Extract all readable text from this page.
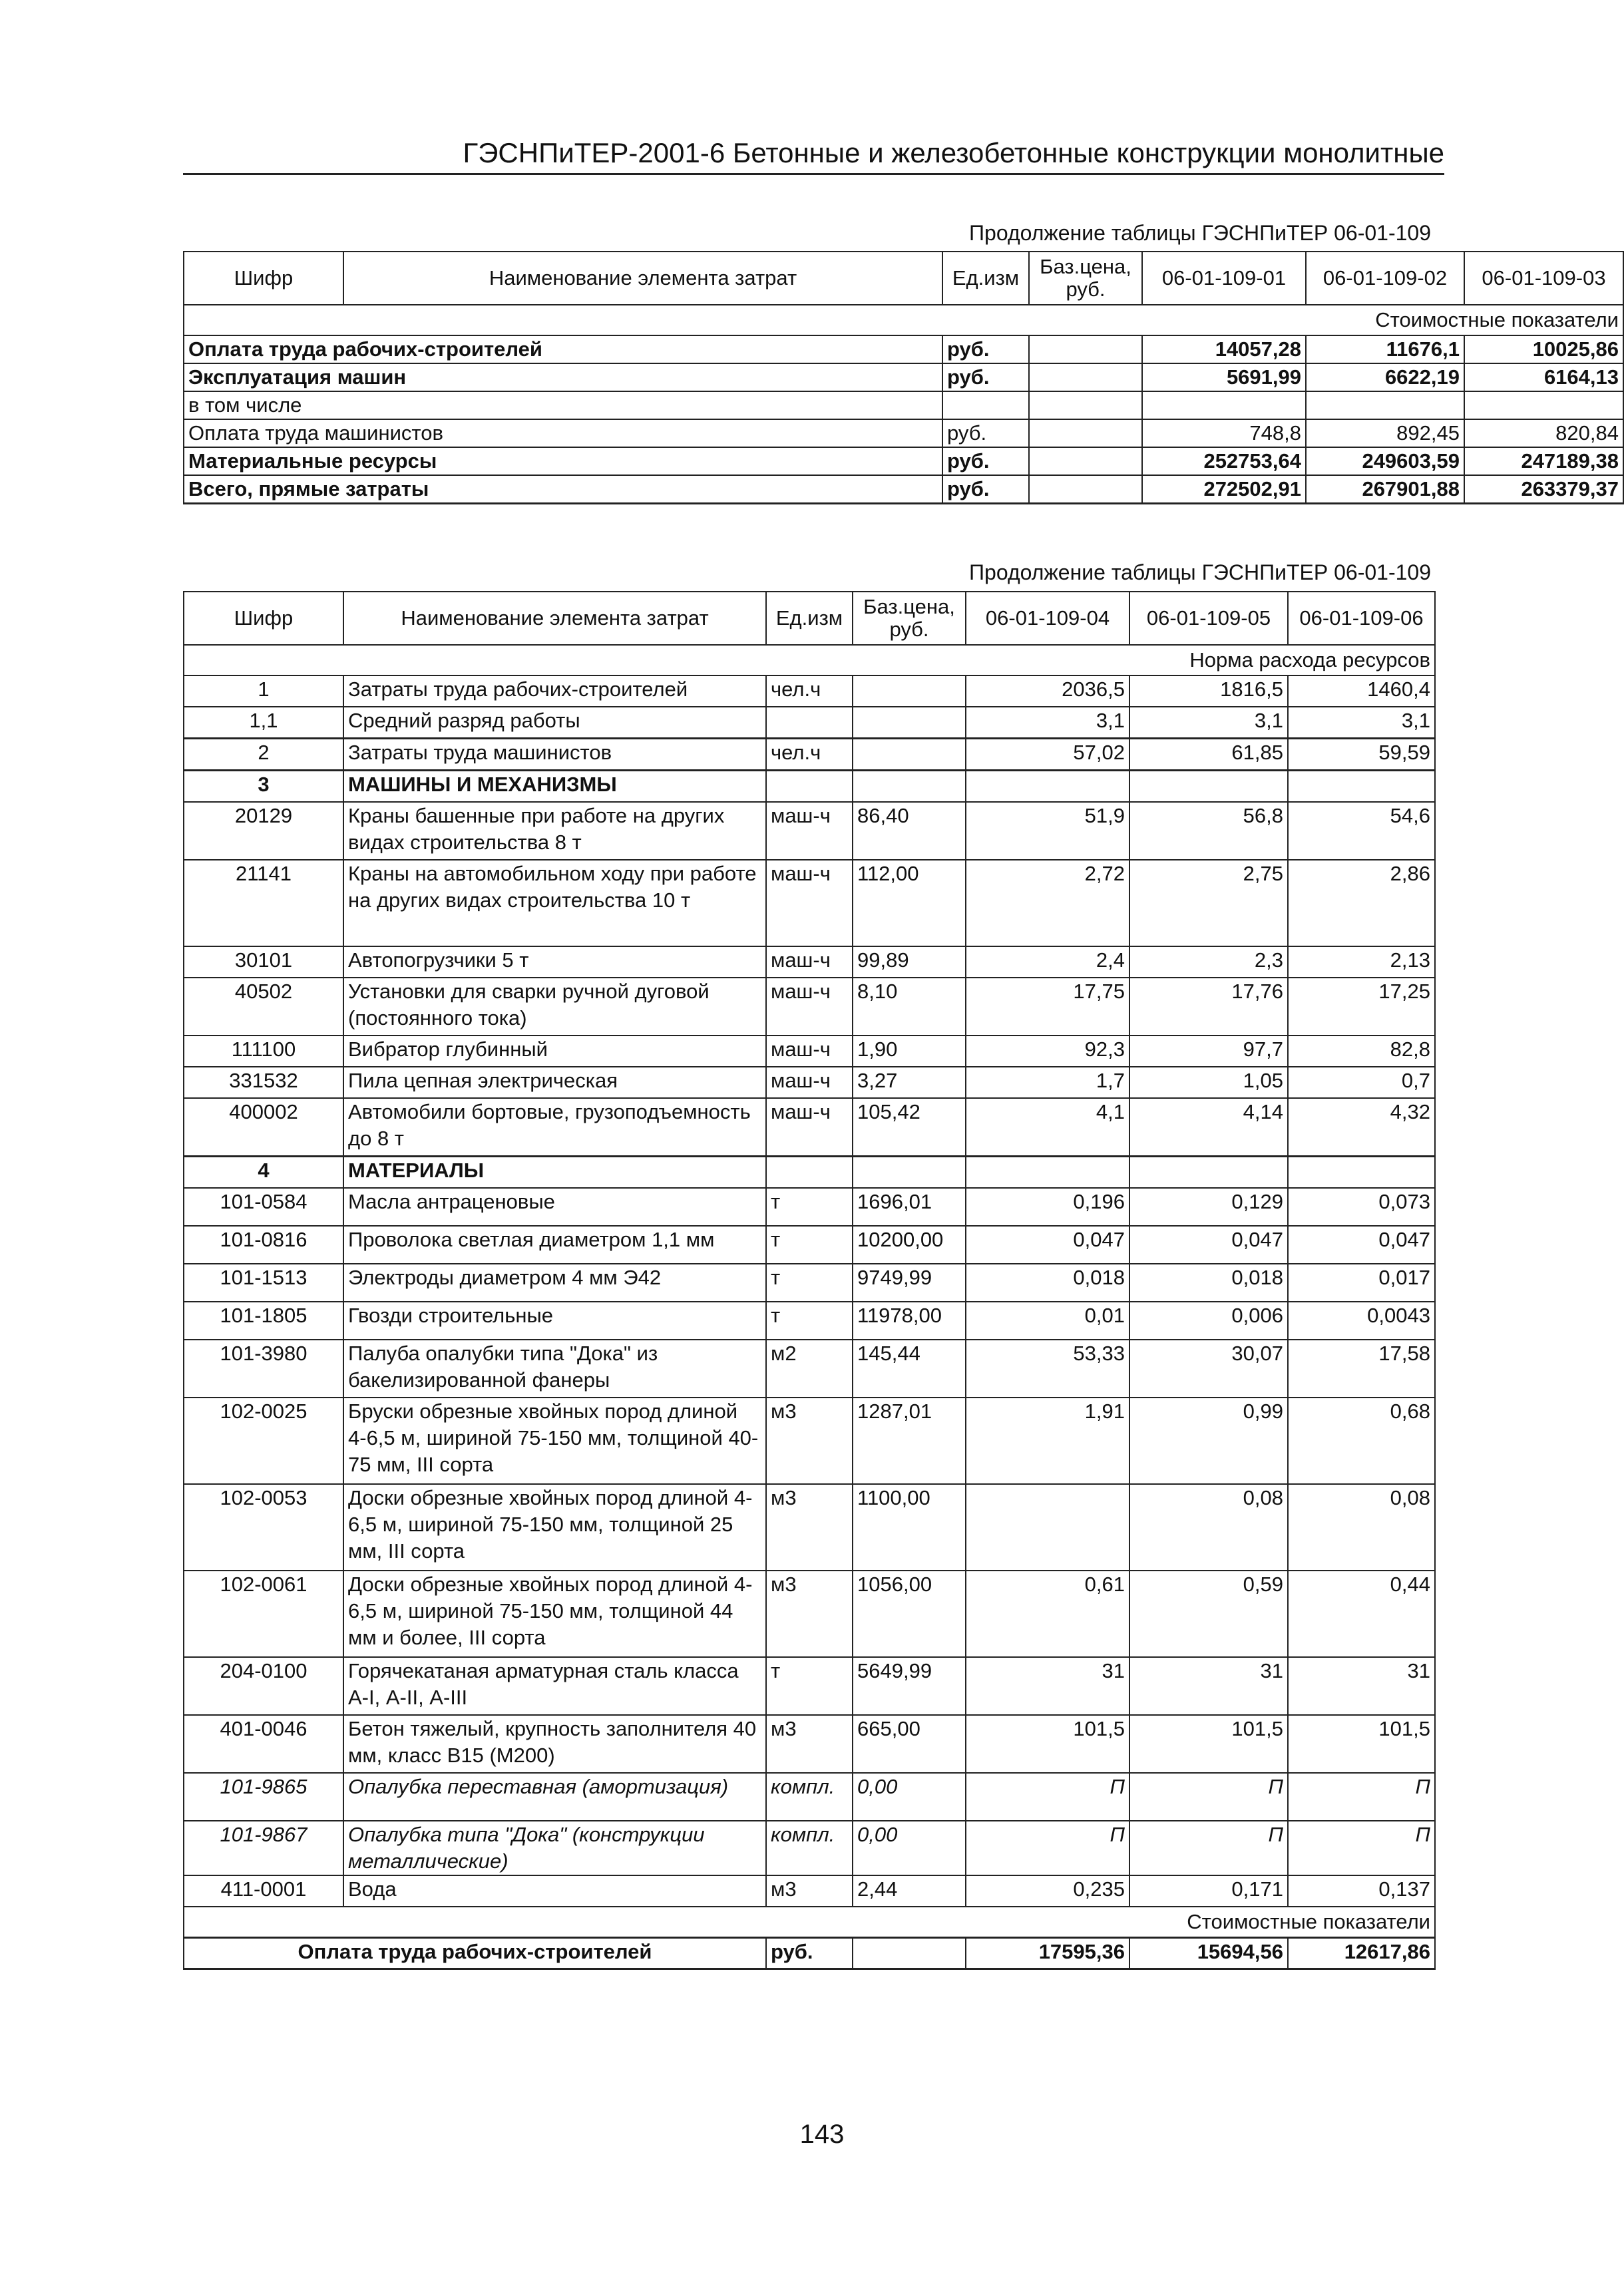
ГЭСНПиТЕР-2001-6 Бетонные и железобетонные конструкции монолитные
Продолжение таблицы ГЭСНПиТЕР 06-01-109
Шифр	Наименование элемента затрат	Ед.изм	Баз.цена, руб.	06-01-109-01	06-01-109-02	06-01-109-03
Стоимостные показатели						
Оплата труда рабочих-строителей		руб.		14057,28	11676,1	10025,86
Эксплуатация машин		руб.		5691,99	6622,19	6164,13
в том числе						
Оплата труда машинистов		руб.		748,8	892,45	820,84
Материальные ресурсы		руб.		252753,64	249603,59	247189,38
Всего, прямые затраты		руб.		272502,91	267901,88	263379,37
Продолжение таблицы ГЭСНПиТЕР 06-01-109
Шифр	Наименование элемента затрат	Ед.изм	Баз.цена, руб.	06-01-109-04	06-01-109-05	06-01-109-06
Норма расхода ресурсов						
1	Затраты труда рабочих-строителей	чел.ч		2036,5	1816,5	1460,4
1,1	Средний разряд работы			3,1	3,1	3,1
2	Затраты труда машинистов	чел.ч		57,02	61,85	59,59
3	МАШИНЫ И МЕХАНИЗМЫ					
20129	Краны башенные при работе на других видах строительства 8 т	маш-ч	86,40	51,9	56,8	54,6
21141	Краны на автомобильном ходу при работе на других видах строительства 10 т	маш-ч	112,00	2,72	2,75	2,86
30101	Автопогрузчики 5 т	маш-ч	99,89	2,4	2,3	2,13
40502	Установки для сварки ручной дуговой (постоянного тока)	маш-ч	8,10	17,75	17,76	17,25
111100	Вибратор глубинный	маш-ч	1,90	92,3	97,7	82,8
331532	Пила цепная электрическая	маш-ч	3,27	1,7	1,05	0,7
400002	Автомобили бортовые, грузоподъемность до 8 т	маш-ч	105,42	4,1	4,14	4,32
4	МАТЕРИАЛЫ					
101-0584	Масла антраценовые	т	1696,01	0,196	0,129	0,073
101-0816	Проволока светлая диаметром 1,1 мм	т	10200,00	0,047	0,047	0,047
101-1513	Электроды диаметром 4 мм Э42	т	9749,99	0,018	0,018	0,017
101-1805	Гвозди строительные	т	11978,00	0,01	0,006	0,0043
101-3980	Палуба опалубки типа "Дока" из бакелизированной фанеры	м2	145,44	53,33	30,07	17,58
102-0025	Бруски обрезные хвойных пород длиной 4-6,5 м, шириной 75-150 мм, толщиной 40-75 мм, III сорта	м3	1287,01	1,91	0,99	0,68
102-0053	Доски обрезные хвойных пород длиной 4-6,5 м, шириной 75-150 мм, толщиной 25 мм, III сорта	м3	1100,00		0,08	0,08
102-0061	Доски обрезные хвойных пород длиной 4-6,5 м, шириной 75-150 мм, толщиной 44 мм и более, III сорта	м3	1056,00	0,61	0,59	0,44
204-0100	Горячекатаная арматурная сталь класса А-I, А-II, А-III	т	5649,99	31	31	31
401-0046	Бетон тяжелый, крупность заполнителя 40 мм, класс В15 (М200)	м3	665,00	101,5	101,5	101,5
101-9865	Опалубка переставная (амортизация)	компл.	0,00	П	П	П
101-9867	Опалубка типа "Дока" (конструкции металлические)	компл.	0,00	П	П	П
411-0001	Вода	м3	2,44	0,235	0,171	0,137
Стоимостные показатели						
Оплата труда рабочих-строителей		руб.		17595,36	15694,56	12617,86
143
